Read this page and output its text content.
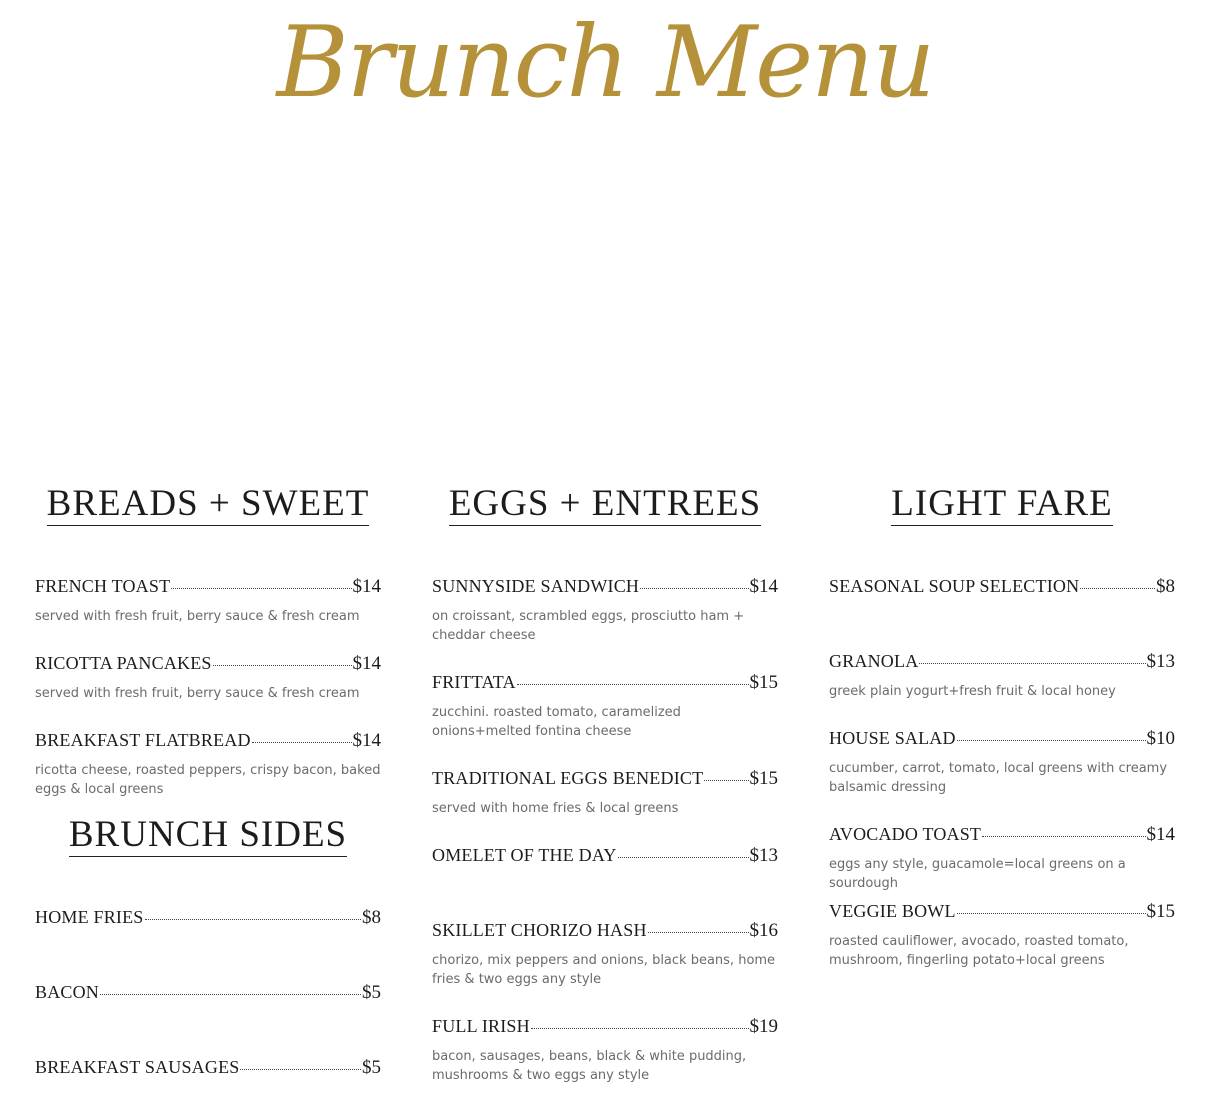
Brunch Menu
BREADS + SWEET
FRENCH TOAST	$14
served with fresh fruit, berry sauce & fresh cream
RICOTTA PANCAKES	$14
served with fresh fruit, berry sauce & fresh cream
BREAKFAST FLATBREAD	$14
ricotta cheese, roasted peppers, crispy bacon, baked eggs & local greens
BRUNCH SIDES
HOME FRIES	$8
BACON	$5
BREAKFAST SAUSAGES	$5
EGGS + ENTREES
SUNNYSIDE SANDWICH	$14
on croissant, scrambled eggs, prosciutto ham + cheddar cheese
FRITTATA	$15
zucchini. roasted tomato, caramelized onions+melted fontina cheese
TRADITIONAL EGGS BENEDICT $15
served with home fries & local greens
OMELET OF THE DAY	$13
SKILLET CHORIZO HASH	$16
chorizo, mix peppers and onions, black beans, home fries & two eggs any style
FULL IRISH	$19
bacon, sausages, beans, black & white pudding, mushrooms & two eggs any style
LIGHT FARE
SEASONAL SOUP SELECTION	$8
GRANOLA	$13
greek plain yogurt+fresh fruit & local honey
HOUSE SALAD	$10
cucumber, carrot, tomato, local greens with creamy balsamic dressing
AVOCADO TOAST	$14
eggs any style, guacamole=local greens on a sourdough
VEGGIE BOWL	$15
roasted cauliflower, avocado, roasted tomato, mushroom, fingerling potato+local greens
